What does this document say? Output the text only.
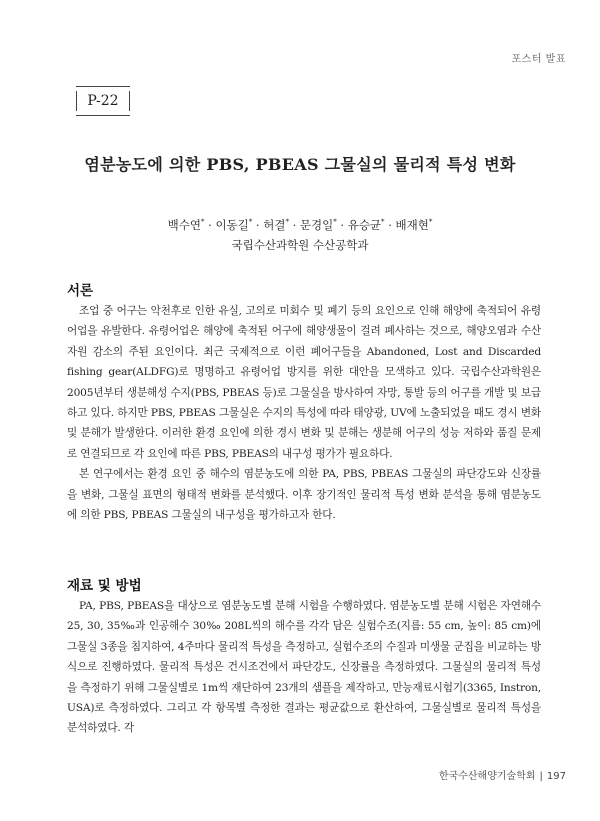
포스터 발표
P-22
염분농도에 의한 PBS, PBEAS 그물실의 물리적 특성 변화
백수연* · 이동길* · 허결* · 문경일* · 유승균* · 배재현*
국립수산과학원 수산공학과
서론

조업 중 어구는 악천후로 인한 유실, 고의로 미회수 및 폐기 등의 요인으로 인해 해양에 축적되어 유령어업을 유발한다. 유령어업은 해양에 축적된 어구에 해양생물이 걸려 폐사하는 것으로, 해양오염과 수산자원 감소의 주된 요인이다. 최근 국제적으로 이런 폐어구들을 Abandoned, Lost and Discarded fishing gear(ALDFG)로 명명하고 유령어업 방지를 위한 대안을 모색하고 있다. 국립수산과학원은 2005년부터 생분해성 수지(PBS, PBEAS 등)로 그물실을 방사하여 자망, 통발 등의 어구를 개발 및 보급하고 있다. 하지만 PBS, PBEAS 그물실은 수지의 특성에 따라 태양광, UV에 노출되었을 때도 경시 변화 및 분해가 발생한다. 이러한 환경 요인에 의한 경시 변화 및 분해는 생분해 어구의 성능 저하와 품질 문제로 연결되므로 각 요인에 따른 PBS, PBEAS의 내구성 평가가 필요하다.

본 연구에서는 환경 요인 중 해수의 염분농도에 의한 PA, PBS, PBEAS 그물실의 파단강도와 신장률을 변화, 그물실 표면의 형태적 변화를 분석했다. 이후 장기적인 물리적 특성 변화 분석을 통해 염분농도에 의한 PBS, PBEAS 그물실의 내구성을 평가하고자 한다.

재료 및 방법

PA, PBS, PBEAS을 대상으로 염분농도별 분해 시험을 수행하였다. 염분농도별 분해 시험은 자연해수 25, 30, 35‰과 인공해수 30‰ 208L씩의 해수를 각각 담은 실험수조(지름: 55 cm, 높이: 85 cm)에 그물실 3종을 침지하여, 4주마다 물리적 특성을 측정하고, 실험수조의 수질과 미생물 군집을 비교하는 방식으로 진행하였다. 물리적 특성은 건시조건에서 파단강도, 신장률을 측정하였다. 그물실의 물리적 특성을 측정하기 위해 그물실별로 1m씩 재단하여 23개의 샘플을 제작하고, 만능재료시험기(3365, Instron, USA)로 측정하였다. 그리고 각 항목별 측정한 결과는 평균값으로 환산하여, 그물실별로 물리적 특성을 분석하였다. 각

한국수산해양기술학회 | 197
